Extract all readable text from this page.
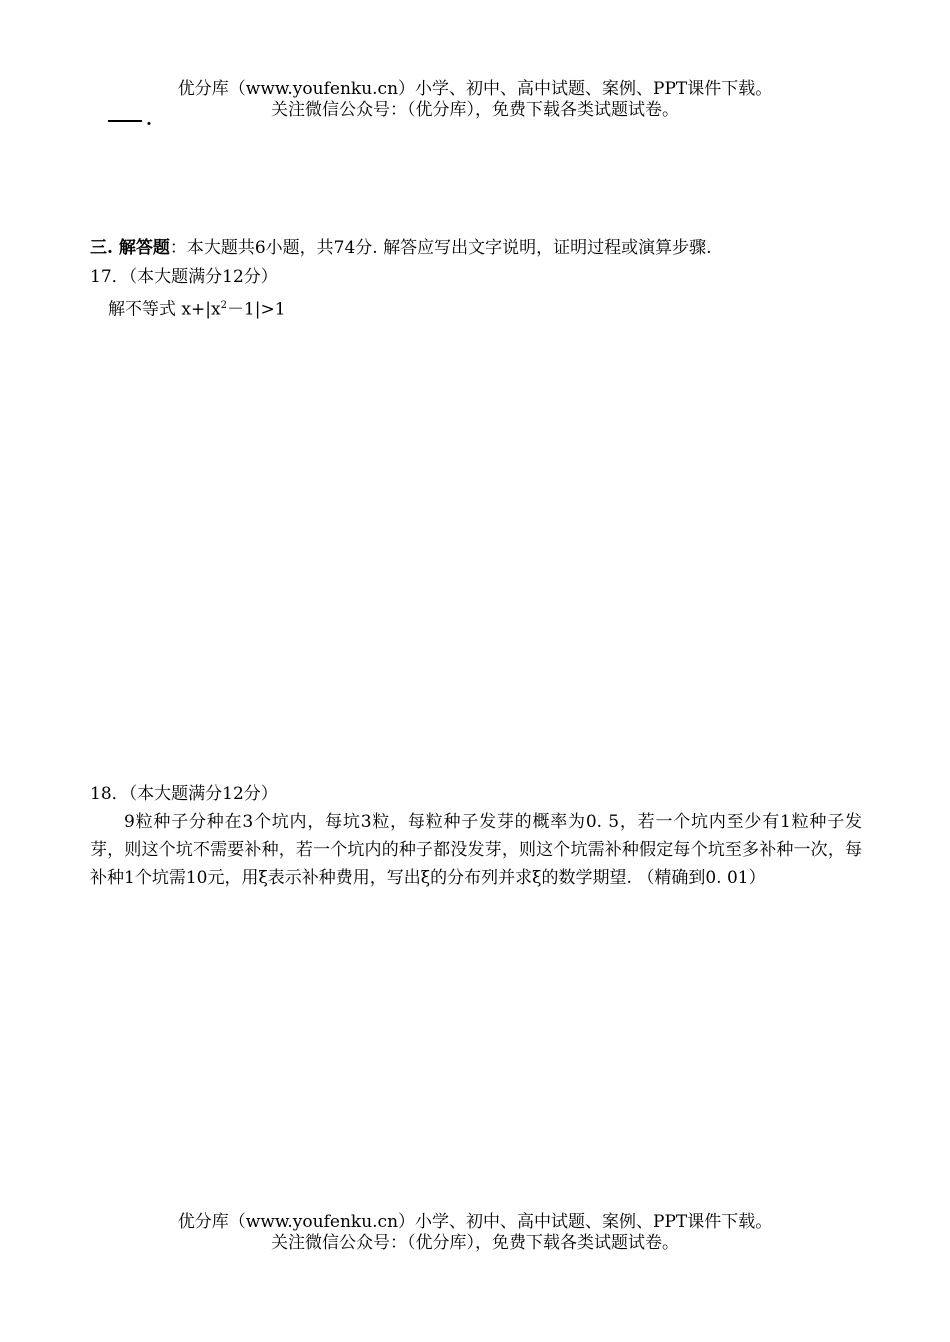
优分库（www.youfenku.cn）小学、初中、高中试题、案例、PPT课件下载。
关注微信公众号：（优分库），免费下载各类试题试卷。
.
三. 解答题：本大题共6小题，共74分. 解答应写出文字说明，证明过程或演算步骤.
17．（本大题满分12分）
解不等式 $x+|x^2-1|>1$
18．（本大题满分12分）
9粒种子分种在3个坑内，每坑3粒，每粒种子发芽的概率为0. 5，若一个坑内至少有1粒种子发芽，则这个坑不需要补种，若一个坑内的种子都没发芽，则这个坑需补种假定每个坑至多补种一次，每补种1个坑需10元，用ξ表示补种费用，写出ξ的分布列并求ξ的数学期望. （精确到0. 01）
优分库（www.youfenku.cn）小学、初中、高中试题、案例、PPT课件下载。
关注微信公众号：（优分库），免费下载各类试题试卷。
